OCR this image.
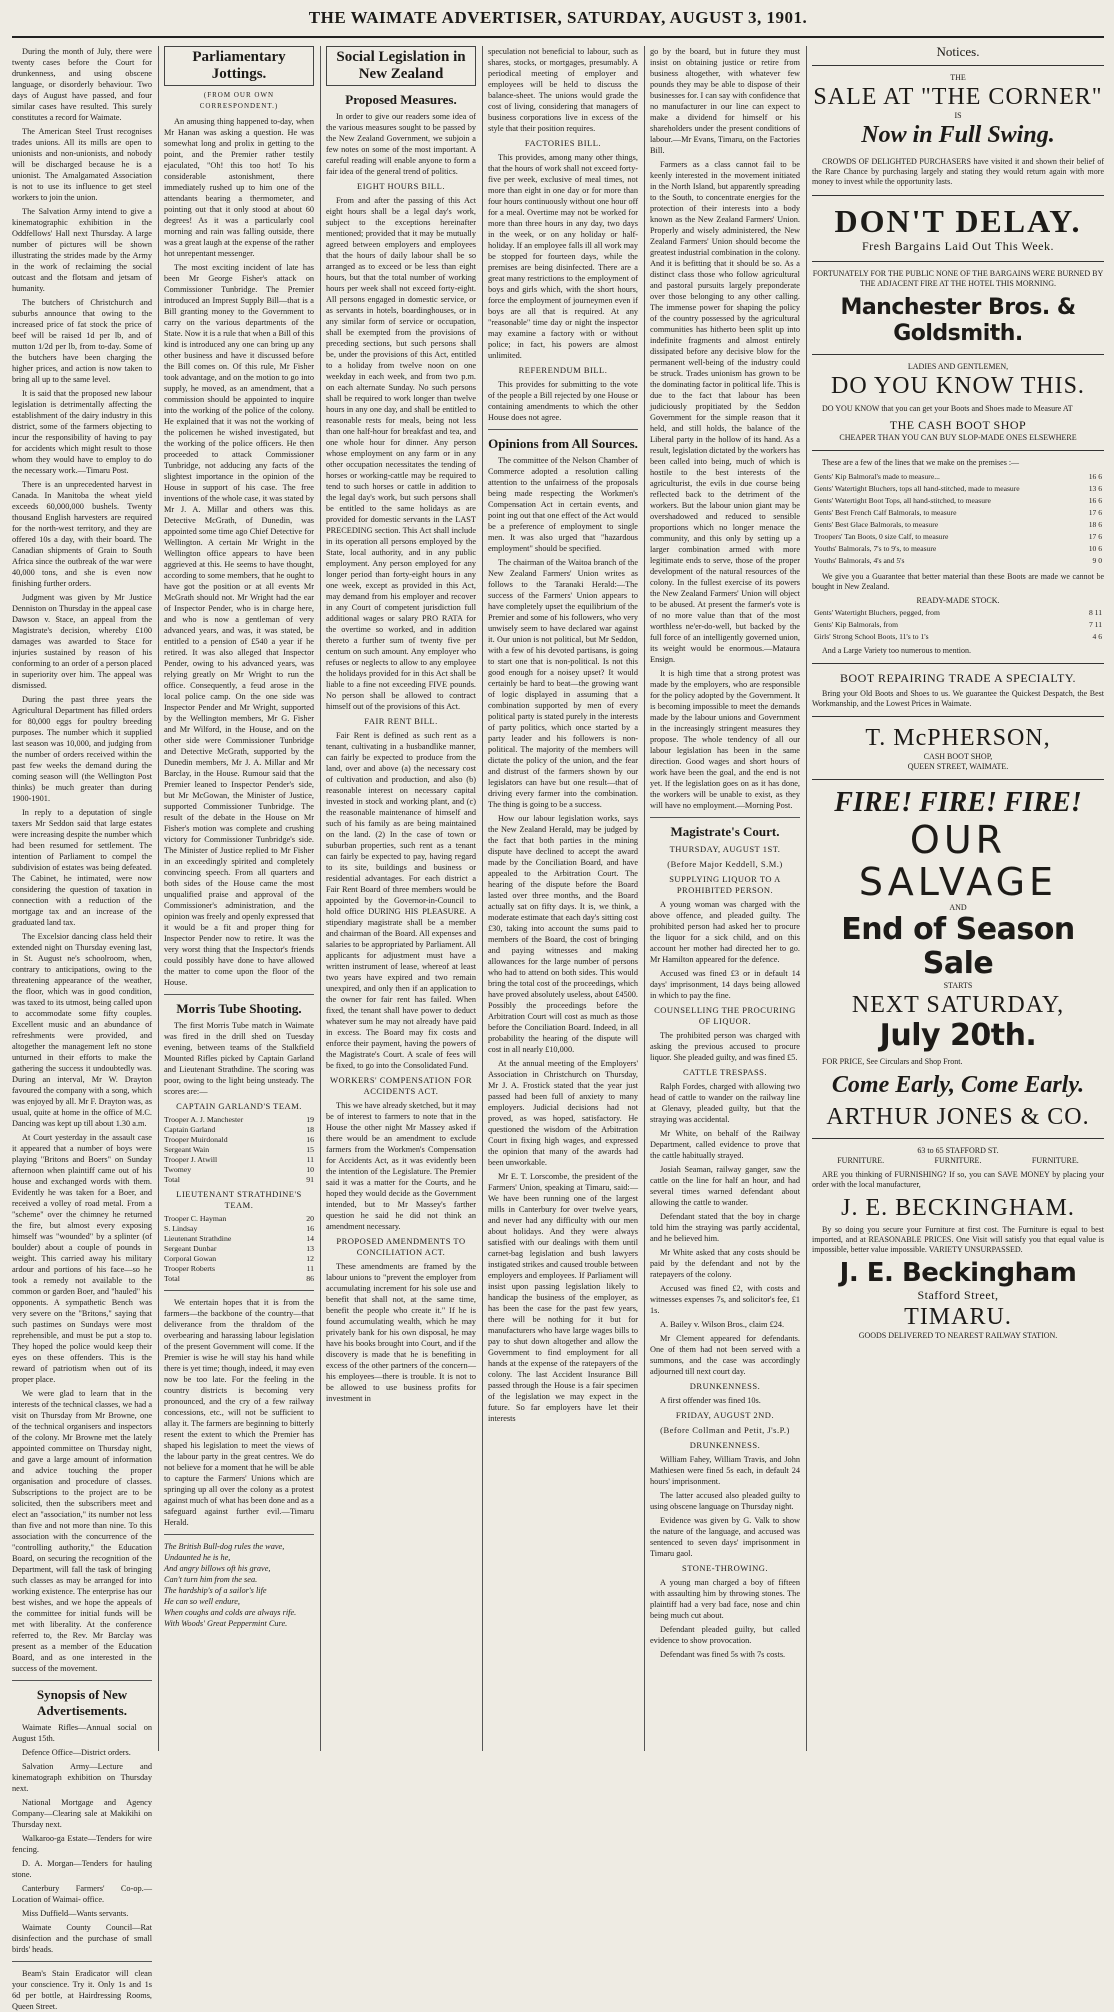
THE WAIMATE ADVERTISER, SATURDAY, AUGUST 3, 1901.

During the month of July, there were twenty cases before the Court for drunkenness, and using obscene language, or disorderly behaviour. Two days of August have passed, and four similar cases have resulted. This surely constitutes a record for Waimate.

The American Steel Trust recognises trades unions. All its mills are open to unionists and non-unionists, and nobody will be discharged because he is a unionist. The Amalgamated Association is not to use its influence to get steel workers to join the union.

The Salvation Army intend to give a kinematographic exhibition in the Oddfellows' Hall next Thursday. A large number of pictures will be shown illustrating the strides made by the Army in the work of reclaiming the social outcast and the flotsam and jetsam of humanity.

The butchers of Christchurch and suburbs announce that owing to the increased price of fat stock the price of beef will be raised 1d per lb, and of mutton 1/2d per lb, from to-day. Some of the butchers have been charging the higher prices, and action is now taken to bring all up to the same level.

It is said that the proposed new labour legislation is detrimentally affecting the establishment of the dairy industry in this district, some of the farmers objecting to incur the responsibility of having to pay for accidents which might result to those whom they would have to employ to do the necessary work.—Timaru Post.

There is an unprecedented harvest in Canada. In Manitoba the wheat yield exceeds 60,000,000 bushels. Twenty thousand English harvesters are required for the north-west territory, and they are offered 10s a day, with their board. The Canadian shipments of Grain to South Africa since the outbreak of the war were 40,000 tons, and she is even now finishing further orders.

Judgment was given by Mr Justice Denniston on Thursday in the appeal case Dawson v. Stace, an appeal from the Magistrate's decision, whereby £100 damages was awarded to Stace for injuries sustained by reason of his conforming to an order of a person placed in superiority over him. The appeal was dismissed.

During the past three years the Agricultural Department has filled orders for 80,000 eggs for poultry breeding purposes. The number which it supplied last season was 10,000, and judging from the number of orders received within the past few weeks the demand during the coming season will (the Wellington Post thinks) be much greater than during 1900-1901.

In reply to a deputation of single taxers Mr Seddon said that large estates were increasing despite the number which had been resumed for settlement. The intention of Parliament to compel the subdivision of estates was being defeated. The Cabinet, he intimated, were now considering the question of taxation in connection with a reduction of the mortgage tax and an increase of the graduated land tax.

The Excelsior dancing class held their extended night on Thursday evening last, in St. August ne's schoolroom, when, contrary to anticipations, owing to the threatening appearance of the weather, the floor, which was in good condition, was taxed to its utmost, being called upon to accommodate some fifty couples. Excellent music and an abundance of refreshments were provided, and altogether the management left no stone unturned in their efforts to make the gathering the success it undoubtedly was. During an interval, Mr W. Drayton favoured the company with a song, which was enjoyed by all. Mr F. Drayton was, as usual, quite at home in the office of M.C. Dancing was kept up till about 1.30 a.m.

At Court yesterday in the assault case it appeared that a number of boys were playing "Britons and Boers" on Sunday afternoon when plaintiff came out of his house and exchanged words with them. Evidently he was taken for a Boer, and received a volley of road metal. From a "scheme" over the chimney he returned the fire, but almost every exposing himself was "wounded" by a splinter (of boulder) about a couple of pounds in weight. This carried away his military ardour and portions of his face—so he took a remedy not available to the common or garden Boer, and "hauled" his opponents. A sympathetic Bench was very severe on the "Britons," saying that such pastimes on Sundays were most reprehensible, and must be put a stop to. They hoped the police would keep their eyes on these offenders. This is the reward of patriotism when out of its proper place.

We were glad to learn that in the interests of the technical classes, we had a visit on Thursday from Mr Browne, one of the technical organisers and inspectors of the colony. Mr Browne met the lately appointed committee on Thursday night, and gave a large amount of information and advice touching the proper organisation and procedure of classes. Subscriptions to the project are to be solicited, then the subscribers meet and elect an "association," its number not less than five and not more than nine. To this association with the concurrence of the "controlling authority," the Education Board, on securing the recognition of the Department, will fall the task of bringing such classes as may be arranged for into working existence. The enterprise has our best wishes, and we hope the appeals of the committee for initial funds will be met with liberality. At the conference referred to, the Rev. Mr Barclay was present as a member of the Education Board, and as one interested in the success of the movement.

Synopsis of New Advertisements.

Waimate Rifles—Annual social on August 15th.

Defence Office—District orders.

Salvation Army—Lecture and kinematograph exhibition on Thursday next.

National Mortgage and Agency Company—Clearing sale at Makikihi on Thursday next.

Walkaroo-ga Estate—Tenders for wire fencing.

D. A. Morgan—Tenders for hauling stone.

Canterbury Farmers' Co-op.—Location of Waimai- office.

Miss Duffield—Wants servants.

Waimate County Council—Rat disinfection and the purchase of small birds' heads.

Beam's Stain Eradicator will clean your conscience. Try it. Only 1s and 1s 6d per bottle, at Hairdressing Rooms, Queen Street.

Parliamentary Jottings.
(FROM OUR OWN CORRESPONDENT.)

An amusing thing happened to-day, when Mr Hanan was asking a question. He was somewhat long and prolix in getting to the point, and the Premier rather testily ejaculated, "Oh! this too hot! To his considerable astonishment, there immediately rushed up to him one of the attendants bearing a thermometer, and pointing out that it only stood at about 60 degrees! As it was a particularly cool morning and rain was falling outside, there was a great laugh at the expense of the rather hot unrepentant messenger.

The most exciting incident of late has been Mr George Fisher's attack on Commissioner Tunbridge. The Premier introduced an Imprest Supply Bill—that is a Bill granting money to the Government to carry on the various departments of the State. Now it is a rule that when a Bill of this kind is introduced any one can bring up any other business and have it discussed before the Bill comes on. Of this rule, Mr Fisher took advantage, and on the motion to go into supply, he moved, as an amendment, that a commission should be appointed to inquire into the working of the police of the colony. He explained that it was not the working of the policemen he wished investigated, but the working of the police officers. He then proceeded to attack Commissioner Tunbridge, not adducing any facts of the slightest importance in the opinion of the House in support of his case. The free inventions of the whole case, it was stated by Mr J. A. Millar and others was this. Detective McGrath, of Dunedin, was appointed some time ago Chief Detective for Wellington. A certain Mr Wright in the Wellington office appears to have been aggrieved at this. He seems to have thought, according to some members, that he ought to have got the position or at all events Mr McGrath should not. Mr Wright had the ear of Inspector Pender, who is in charge here, and who is now a gentleman of very advanced years, and was, it was stated, be entitled to a pension of £540 a year if he retired. It was also alleged that Inspector Pender, owing to his advanced years, was relying greatly on Mr Wright to run the office. Consequently, a feud arose in the local police camp. On the one side was Inspector Pender and Mr Wright, supported by the Wellington members, Mr G. Fisher and Mr Wilford, in the House, and on the other side were Commissioner Tunbridge and Detective McGrath, supported by the Dunedin members, Mr J. A. Millar and Mr Barclay, in the House. Rumour said that the Premier leaned to Inspector Pender's side, but Mr McGowan, the Minister of Justice, supported Commissioner Tunbridge. The result of the debate in the House on Mr Fisher's motion was complete and crushing victory for Commissioner Tunbridge's side. The Minister of Justice replied to Mr Fisher in an exceedingly spirited and completely convincing speech. From all quarters and both sides of the House came the most unqualified praise and approval of the Commissioner's administration, and the opinion was freely and openly expressed that it would be a fit and proper thing for Inspector Pender now to retire. It was the very worst thing that the Inspector's friends could possibly have done to have allowed the matter to come upon the floor of the House.

Morris Tube Shooting.

The first Morris Tube match in Waimate was fired in the drill shed on Tuesday evening, between teams of the Stalkfield Mounted Rifles picked by Captain Garland and Lieutenant Strathdine. The scoring was poor, owing to the light being unsteady. The scores are:—

CAPTAIN GARLAND'S TEAM.
Trooper A. J. Manchester	19
Captain Garland	18
Trooper Muirdonald	16
Sergeant Wain	15
Trooper J. Atwill	11
Twomey	10
Total	91
LIEUTENANT STRATHDINE'S TEAM.
Trooper C. Hayman	20
S. Lindsay	16
Lieutenant Strathdine	14
Sergeant Dunbar	13
Corporal Gowan	12
Trooper Roberts	11
Total	86

We entertain hopes that it is from the farmers—the backbone of the country—that deliverance from the thraldom of the overbearing and harassing labour legislation of the present Government will come. If the Premier is wise he will stay his hand while there is yet time; though, indeed, it may even now be too late. For the feeling in the country districts is becoming very pronounced, and the cry of a few railway concessions, etc., will not be sufficient to allay it. The farmers are beginning to bitterly resent the extent to which the Premier has shaped his legislation to meet the views of the labour party in the great centres. We do not believe for a moment that he will be able to capture the Farmers' Unions which are springing up all over the colony as a protest against much of what has been done and as a safeguard against further evil.—Timaru Herald.

The British Bull-dog rules the wave,
Undaunted he is he,
And angry billows oft his grave,
Can't turn him from the sea.
The hardship's of a sailor's life
He can so well endure,
When coughs and colds are always rife.
With Woods' Great Peppermint Cure.
Social Legislation in New Zealand
Proposed Measures.

In order to give our readers some idea of the various measures sought to be passed by the New Zealand Government, we subjoin a few notes on some of the most important. A careful reading will enable anyone to form a fair idea of the general trend of politics.

EIGHT HOURS BILL.

From and after the passing of this Act eight hours shall be a legal day's work, subject to the exceptions hereinafter mentioned; provided that it may be mutually agreed between employers and employees that the hours of daily labour shall be so arranged as to exceed or be less than eight hours, but that the total number of working hours per week shall not exceed forty-eight. All persons engaged in domestic service, or as servants in hotels, boardinghouses, or in any similar form of service or occupation, shall be exempted from the provisions of preceding sections, but such persons shall be, under the provisions of this Act, entitled to a holiday from twelve noon on one weekday in each week, and from two p.m. on each alternate Sunday. No such persons shall be required to work longer than twelve hours in any one day, and shall be entitled to reasonable rests for meals, being not less than one half-hour for breakfast and tea, and one whole hour for dinner. Any person whose employment on any farm or in any other occupation necessitates the tending of horses or working-cattle may be required to tend to such horses or cattle in addition to the legal day's work, but such persons shall be entitled to the same holidays as are provided for domestic servants in the LAST PRECEDING section. This Act shall include in its operation all persons employed by the State, local authority, and in any public employment. Any person employed for any longer period than forty-eight hours in any one week, except as provided in this Act, may demand from his employer and recover in any Court of competent jurisdiction full additional wages or salary PRO RATA for the overtime so worked, and in addition thereto a further sum of twenty five per centum on such amount. Any employer who refuses or neglects to allow to any employee the holidays provided for in this Act shall be liable to a fine not exceeding FIVE pounds. No person shall be allowed to contract himself out of the provisions of this Act.

FAIR RENT BILL.

Fair Rent is defined as such rent as a tenant, cultivating in a husbandlike manner, can fairly be expected to produce from the land, over and above (a) the necessary cost of cultivation and production, and also (b) reasonable interest on necessary capital invested in stock and working plant, and (c) the reasonable maintenance of himself and such of his family as are being maintained on the land. (2) In the case of town or suburban properties, such rent as a tenant can fairly be expected to pay, having regard to its site, buildings and business or residential advantages. For each district a Fair Rent Board of three members would be appointed by the Governor-in-Council to hold office DURING HIS PLEASURE. A stipendiary magistrate shall be a member and chairman of the Board. All expenses and salaries to be appropriated by Parliament. All applicants for adjustment must have a written instrument of lease, whereof at least two years have expired and two remain unexpired, and only then if an application to the owner for fair rent has failed. When fixed, the tenant shall have power to deduct whatever sum he may not already have paid in excess. The Board may fix costs and enforce their payment, having the powers of the Magistrate's Court. A scale of fees will be fixed, to go into the Consolidated Fund.

WORKERS' COMPENSATION FOR ACCIDENTS ACT.

This we have already sketched, but it may be of interest to farmers to note that in the House the other night Mr Massey asked if there would be an amendment to exclude farmers from the Workmen's Compensation for Accidents Act, as it was evidently been the intention of the Legislature. The Premier said it was a matter for the Courts, and he hoped they would decide as the Government intended, but to Mr Massey's farther question he said he did not think an amendment necessary.

PROPOSED AMENDMENTS TO CONCILIATION ACT.

These amendments are framed by the labour unions to "prevent the employer from accumulating increment for his sole use and benefit that shall not, at the same time, benefit the people who create it." If he is found accumulating wealth, which he may privately bank for his own disposal, he may have his books brought into Court, and if the discovery is made that he is benefiting in excess of the other partners of the concern—his employees—there is trouble. It is not to be allowed to use business profits for investment in

speculation not beneficial to labour, such as shares, stocks, or mortgages, presumably. A periodical meeting of employer and employees will be held to discuss the balance-sheet. The unions would grade the cost of living, considering that managers of business corporations live in excess of the style that their position requires.

FACTORIES BILL.

This provides, among many other things, that the hours of work shall not exceed forty-five per week, exclusive of meal times, not more than eight in one day or for more than four hours continuously without one hour off for a meal. Overtime may not be worked for more than three hours in any day, two days in the week, or on any holiday or half-holiday. If an employee falls ill all work may be stopped for fourteen days, while the premises are being disinfected. There are a great many restrictions to the employment of boys and girls which, with the short hours, force the employment of journeymen even if boys are all that is required. At any "reasonable" time day or night the inspector may examine a factory with or without police; in fact, his powers are almost unlimited.

REFERENDUM BILL.

This provides for submitting to the vote of the people a Bill rejected by one House or containing amendments to which the other House does not agree.

Opinions from All Sources.

The committee of the Nelson Chamber of Commerce adopted a resolution calling attention to the unfairness of the proposals being made respecting the Workmen's Compensation Act in certain events, and point ing out that one effect of the Act would be a preference of employment to single men. It was also urged that "hazardous employment" should be specified.

The chairman of the Waitoa branch of the New Zealand Farmers' Union writes as follows to the Taranaki Herald:—The success of the Farmers' Union appears to have completely upset the equilibrium of the Premier and some of his followers, who very unwisely seem to have declared war against it. Our union is not political, but Mr Seddon, with a few of his devoted partisans, is going to start one that is non-political. Is not this good enough for a noisey upset? It would certainly be hard to beat—the growing want of logic displayed in assuming that a combination supported by men of every political party is stated purely in the interests of party politics, which once started by a party leader and his followers is non-political. The majority of the members will dictate the policy of the union, and the fear and distrust of the farmers shown by our legislators can have but one result—that of driving every farmer into the combination. The thing is going to be a success.

How our labour legislation works, says the New Zealand Herald, may be judged by the fact that both parties in the mining dispute have declined to accept the award made by the Conciliation Board, and have appealed to the Arbitration Court. The hearing of the dispute before the Board lasted over three months, and the Board actually sat on fifty days. It is, we think, a moderate estimate that each day's sitting cost £30, taking into account the sums paid to members of the Board, the cost of bringing and paying witnesses and making allowances for the large number of persons who had to attend on both sides. This would bring the total cost of the proceedings, which have proved absolutely useless, about £4500. Possibly the proceedings before the Arbitration Court will cost as much as those before the Conciliation Board. Indeed, in all probability the hearing of the dispute will cost in all nearly £10,000.

At the annual meeting of the Employers' Association in Christchurch on Thursday, Mr J. A. Frostick stated that the year just passed had been full of anxiety to many employers. Judicial decisions had not proved, as was hoped, satisfactory. He questioned the wisdom of the Arbitration Court in fixing high wages, and expressed the opinion that many of the awards had been unworkable.

Mr E. T. Lorscombe, the president of the Farmers' Union, speaking at Timaru, said:—We have been running one of the largest mills in Canterbury for over twelve years, and never had any difficulty with our men about holidays. And they were always satisfied with our dealings with them until carnet-bag legislation and bush lawyers instigated strikes and caused trouble between employers and employees. If Parliament will insist upon passing legislation likely to handicap the business of the employer, as has been the case for the past few years, there will be nothing for it but for manufacturers who have large wages bills to pay to shut down altogether and allow the Government to find employment for all hands at the expense of the ratepayers of the colony. The last Accident Insurance Bill passed through the House is a fair specimen of the legislation we may expect in the future. So far employers have let their interests

go by the board, but in future they must insist on obtaining justice or retire from business altogether, with whatever few pounds they may be able to dispose of their businesses for. I can say with confidence that no manufacturer in our line can expect to make a dividend for himself or his shareholders under the present conditions of labour.—Mr Evans, Timaru, on the Factories Bill.

Farmers as a class cannot fail to be keenly interested in the movement initiated in the North Island, but apparently spreading to the South, to concentrate energies for the protection of their interests into a body known as the New Zealand Farmers' Union. Properly and wisely administered, the New Zealand Farmers' Union should become the greatest industrial combination in the colony. And it is befitting that it should be so. As a distinct class those who follow agricultural and pastoral pursuits largely preponderate over those belonging to any other calling. The immense power for shaping the policy of the country possessed by the agricultural communities has hitherto been split up into indefinite fragments and almost entirely dissipated before any decisive blow for the permanent well-being of the industry could be struck. Trades unionism has grown to be the dominating factor in political life. This is due to the fact that labour has been judiciously propitiated by the Seddon Government for the simple reason that it held, and still holds, the balance of the Liberal party in the hollow of its hand. As a result, legislation dictated by the workers has been called into being, much of which is hostile to the best interests of the agriculturist, the evils in due course being reflected back to the detriment of the workers. But the labour union giant may be overshadowed and reduced to sensible proportions which no longer menace the community, and this only by setting up a larger combination armed with more legitimate ends to serve, those of the proper development of the natural resources of the colony. In the fullest exercise of its powers the New Zealand Farmers' Union will object to be abused. At present the farmer's vote is of no more value than that of the most worthless ne'er-do-well, but backed by the full force of an intelligently governed union, its weight would be enormous.—Mataura Ensign.

It is high time that a strong protest was made by the employers, who are responsible for the policy adopted by the Government. It is becoming impossible to meet the demands made by the labour unions and Government in the increasingly stringent measures they propose. The whole tendency of all our labour legislation has been in the same direction. Good wages and short hours of work have been the goal, and the end is not yet. If the legislation goes on as it has done, the workers will be unable to exist, as they will have no employment.—Morning Post.

Magistrate's Court.
THURSDAY, AUGUST 1ST.
(Before Major Keddell, S.M.)
SUPPLYING LIQUOR TO A PROHIBITED PERSON.

A young woman was charged with the above offence, and pleaded guilty. The prohibited person had asked her to procure the liquor for a sick child, and on this account her mother had directed her to go. Mr Hamilton appeared for the defence.

Accused was fined £3 or in default 14 days' imprisonment, 14 days being allowed in which to pay the fine.

COUNSELLING THE PROCURING OF LIQUOR.

The prohibited person was charged with asking the previous accused to procure liquor. She pleaded guilty, and was fined £5.

CATTLE TRESPASS.

Ralph Fordes, charged with allowing two head of cattle to wander on the railway line at Glenavy, pleaded guilty, but that the straying was accidental.

Mr White, on behalf of the Railway Department, called evidence to prove that the cattle habitually strayed.

Josiah Seaman, railway ganger, saw the cattle on the line for half an hour, and had several times warned defendant about allowing the cattle to wander.

Defendant stated that the boy in charge told him the straying was partly accidental, and he believed him.

Mr White asked that any costs should be paid by the defendant and not by the ratepayers of the colony.

Accused was fined £2, with costs and witnesses expenses 7s, and solicitor's fee, £1 1s.

A. Bailey v. Wilson Bros., claim £24.

Mr Clement appeared for defendants. One of them had not been served with a summons, and the case was accordingly adjourned till next court day.

DRUNKENNESS.

A first offender was fined 10s.

FRIDAY, AUGUST 2ND.
(Before Collman and Petit, J's.P.)
DRUNKENNESS.

William Fahey, William Travis, and John Mathiesen were fined 5s each, in default 24 hours' imprisonment.

The latter accused also pleaded guilty to using obscene language on Thursday night.

Evidence was given by G. Valk to show the nature of the language, and accused was sentenced to seven days' imprisonment in Timaru gaol.

STONE-THROWING.

A young man charged a boy of fifteen with assaulting him by throwing stones. The plaintiff had a very bad face, nose and chin being much cut about.

Defendant pleaded guilty, but called evidence to show provocation.

Defendant was fined 5s with 7s costs.

Notices.
THE
SALE AT "THE CORNER"
IS
Now in Full Swing.

CROWDS OF DELIGHTED PURCHASERS have visited it and shown their belief of the Rare Chance by purchasing largely and stating they would return again with more money to invest while the opportunity lasts.

DON'T DELAY.
Fresh Bargains Laid Out This Week.
FORTUNATELY FOR THE PUBLIC NONE OF THE BARGAINS WERE BURNED BY THE ADJACENT FIRE AT THE HOTEL THIS MORNING.
Manchester Bros. & Goldsmith.
LADIES AND GENTLEMEN,
DO YOU KNOW THIS.

DO YOU KNOW that you can get your Boots and Shoes made to Measure AT

THE CASH BOOT SHOP
CHEAPER THAN YOU CAN BUY SLOP-MADE ONES ELSEWHERE

These are a few of the lines that we make on the premises :—

Gents' Kip Balmoral's made to measure...	16 6
Gents' Watertight Bluchers, tops all hand-stitched, made to measure	13 6
Gents' Watertight Boot Tops, all hand-stitched, to measure	16 6
Gents' Best French Calf Balmorals, to measure	17 6
Gents' Best Glace Balmorals, to measure	18 6
Troopers' Tan Boots, 0 size Calf, to measure	17 6
Youths' Balmorals, 7's to 9's, to measure	10 6
Youths' Balmorals, 4's and 5's	9 0

We give you a Guarantee that better material than these Boots are made we cannot be bought in New Zealand.

READY-MADE STOCK.
Gents' Watertight Bluchers, pegged, from	8 11
Gents' Kip Balmorals, from	7 11
Girls' Strong School Boots, 11's to 1's	4 6

And a Large Variety too numerous to mention.

BOOT REPAIRING TRADE A SPECIALTY.

Bring your Old Boots and Shoes to us. We guarantee the Quickest Despatch, the Best Workmanship, and the Lowest Prices in Waimate.

T. McPHERSON,
CASH BOOT SHOP,
QUEEN STREET, WAIMATE.
FIRE! FIRE! FIRE!
OUR SALVAGE
AND
End of Season Sale
STARTS
NEXT SATURDAY,
July 20th.

FOR PRICE, See Circulars and Shop Front.

Come Early, Come Early.
ARTHUR JONES & CO.
63 to 65 STAFFORD ST.
FURNITURE.	FURNITURE.	FURNITURE.

ARE you thinking of FURNISHING? If so, you can SAVE MONEY by placing your order with the local manufacturer,

J. E. BECKINGHAM.

By so doing you secure your Furniture at first cost. The Furniture is equal to best imported, and at REASONABLE PRICES. One Visit will satisfy you that equal value is impossible, better value impossible. VARIETY UNSURPASSED.

J. E. Beckingham
Stafford Street,
TIMARU.
GOODS DELIVERED TO NEAREST RAILWAY STATION.
